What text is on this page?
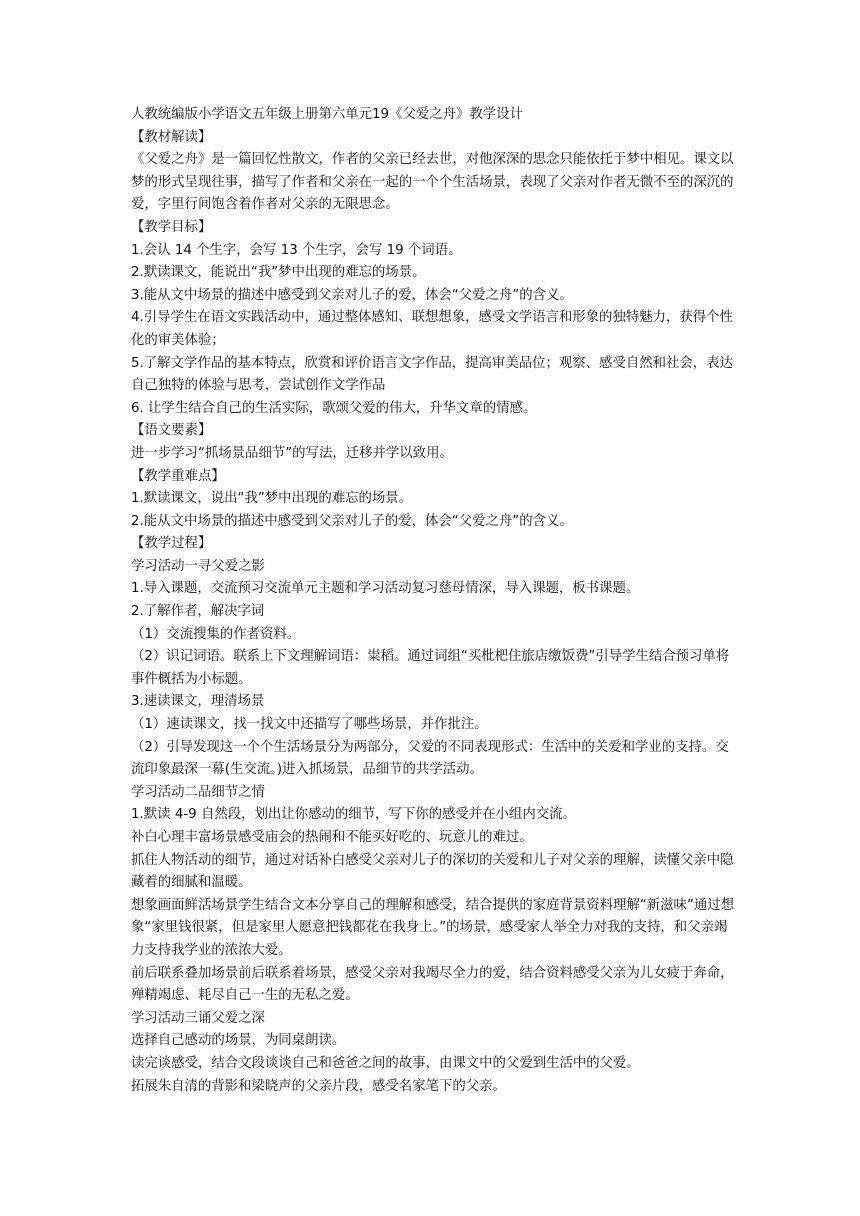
人教统编版小学语文五年级上册第六单元19《父爱之舟》教学设计

【教材解读】

《父爱之舟》是一篇回忆性散文，作者的父亲已经去世，对他深深的思念只能依托于梦中相见。课文以梦的形式呈现往事，描写了作者和父亲在一起的一个个生活场景，表现了父亲对作者无微不至的深沉的爱，字里行间饱含着作者对父亲的无限思念。

【教学目标】

1.会认 14 个生字，会写 13 个生字，会写 19 个词语。

2.默读课文，能说出“我”梦中出现的难忘的场景。

3.能从文中场景的描述中感受到父亲对儿子的爱，体会“父爱之舟”的含义。

4.引导学生在语文实践活动中，通过整体感知、联想想象，感受文学语言和形象的独特魅力，获得个性化的审美体验；

5.了解文学作品的基本特点，欣赏和评价语言文字作品，提高审美品位；观察、感受自然和社会，表达自己独特的体验与思考，尝试创作文学作品

6. 让学生结合自己的生活实际，歌颂父爱的伟大，升华文章的情感。

【语文要素】

进一步学习“抓场景品细节”的写法，迁移并学以致用。

【教学重难点】

1.默读课文，说出“我”梦中出现的难忘的场景。

2.能从文中场景的描述中感受到父亲对儿子的爱，体会“父爱之舟”的含义。

【教学过程】

学习活动一寻父爱之影

1.导入课题，交流预习交流单元主题和学习活动复习慈母情深，导入课题，板书课题。

2.了解作者，解决字词

（1）交流搜集的作者资料。

（2）识记词语。联系上下文理解词语：粜稻。通过词组“买枇杷住旅店缴饭费”引导学生结合预习单将事件概括为小标题。

3.速读课文，理清场景

（1）速读课文，找一找文中还描写了哪些场景，并作批注。

（2）引导发现这一个个生活场景分为两部分，父爱的不同表现形式：生活中的关爱和学业的支持。交流印象最深一幕(生交流。)进入抓场景，品细节的共学活动。

学习活动二品细节之情

1.默读 4-9 自然段，划出让你感动的细节，写下你的感受并在小组内交流。

补白心理丰富场景感受庙会的热闹和不能买好吃的、玩意儿的难过。

抓住人物活动的细节，通过对话补白感受父亲对儿子的深切的关爱和儿子对父亲的理解，读懂父亲中隐藏着的细腻和温暖。

想象画面鲜活场景学生结合文本分享自己的理解和感受，结合提供的家庭背景资料理解“新滋味”通过想象“家里钱很紧，但是家里人愿意把钱都花在我身上。”的场景，感受家人举全力对我的支持，和父亲竭力支持我学业的浓浓大爱。

前后联系叠加场景前后联系着场景，感受父亲对我竭尽全力的爱，结合资料感受父亲为儿女疲于奔命，殚精竭虑、耗尽自己一生的无私之爱。

学习活动三诵父爱之深

选择自己感动的场景，为同桌朗读。

读完谈感受，结合文段谈谈自己和爸爸之间的故事，由课文中的父爱到生活中的父爱。

拓展朱自清的背影和梁晓声的父亲片段，感受名家笔下的父亲。
